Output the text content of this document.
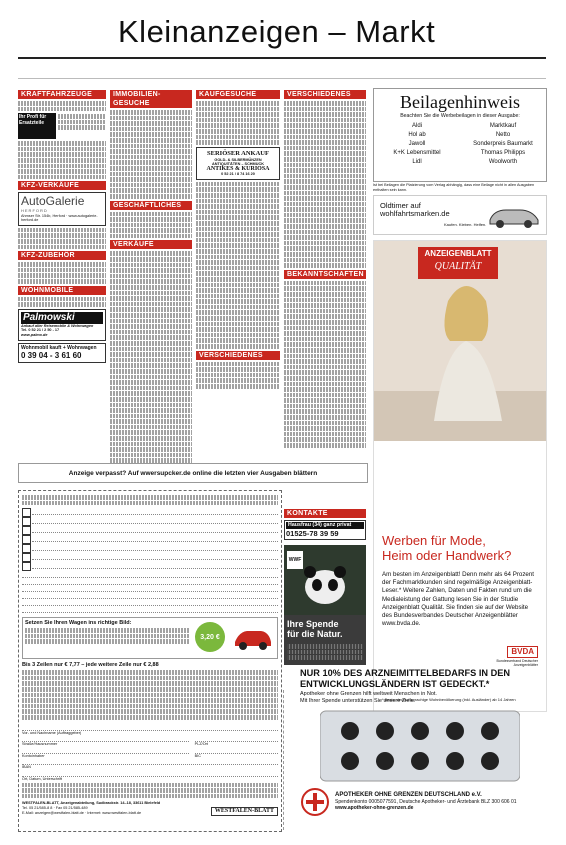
Kleinanzeigen – Markt
KRAFTFAHRZEUGE
Ihr Profi für Ersatzteile
KFZ-VERKÄUFE
AutoGalerie
HERFORD
Ahmser Str. 154b, Herford · www.autogalerie-herford.de
KFZ-ZUBEHÖR
WOHNMOBILE
Palmowski
Ankauf aller Reisemobile & Wohnwagen
Tel. 0 52 21 / 2 50 - 17
www.palmo.de
Wohnmobil kauft + Wohnwagen
0 39 04 - 3 61 60
IMMOBILIEN-GESUCHE
GESCHÄFTLICHES
VERKÄUFE
KAUFGESUCHE
SERIÖSER ANKAUF
GOLD- & SILBERMÜNZEN
ANTIQUITÄTEN – SCHMUCK
ANTIKES & KURIOSA
0 52 21 / 8 74 16 20
VERSCHIEDENES
VERSCHIEDENES
BEKANNTSCHAFTEN
KONTAKTE
Hausfrau (34) ganz privat
01525-78 39 59
WWF
Ihre Spende
für die Natur.
Beilagenhinweis
Beachten Sie die Werbebeilagen in dieser Ausgabe:
Aldi	Marktkauf
Hol ab	Netto
Jawoll	Sonderpreis Baumarkt
K+K Lebensmittel	Thomas Philipps
Lidl	Woolworth
Ist bei Beilagen die Platzierung vom Verlag abhängig, dass eine Beilage nicht in allen Ausgaben enthalten sein kann.
Oldtimer auf
wohlfahrtsmarken.de
Kaufen. Kleben. Helfen.
ANZEIGENBLATT
QUALITÄT
Werben für Mode,
Heim oder Handwerk?
Am besten im Anzeigenblatt! Denn mehr als 64 Prozent der Fachmarktkunden sind regelmäßige Anzeigenblatt-Leser.* Weitere Zahlen, Daten und Fakten rund um die Medialeistung der Gattung lesen Sie in der Studie Anzeigenblatt Qualität. Sie finden sie auf der Website des Bundesverbandes Deutscher Anzeigenblätter www.bvda.de.
BVDA
Bundesverband Deutscher Anzeigenblätter
* Basis: deutschsprachige Wohnbevölkerung (inkl. Ausländer) ab 14 Jahren
Anzeige verpasst? Auf wwersupcker.de online die letzten vier Ausgaben blättern
Setzen Sie Ihren Wagen ins richtige Bild:
3,20 €
Bis 3 Zeilen nur € 7,77 – jede weitere Zeile nur € 2,88
Vor- und Nachname (Auftraggeber)
Straße/Hausnummer	PLZ/Ort
Kontoinhaber	BIC
IBAN
Ort, Datum, Unterschrift
WESTFALEN-BLATT, Anzeigenabteilung, Sudbrackstr. 14–18, 33611 Bielefeld
Tel. 05 21/585-8 8 · Fax 05 21/585-489
E-Mail: anzeigen@westfalen-blatt.de · Internet: www.westfalen-blatt.de	WESTFALEN-BLATT
NUR 10% DES ARZNEIMITTELBEDARFS IN DEN ENTWICKLUNGSLÄNDERN IST GEDECKT.*
Apotheker ohne Grenzen hilft weltweit Menschen in Not.
Mit Ihrer Spende unterstützen Sie unsere Ziele.
APOTHEKER OHNE GRENZEN DEUTSCHLAND e.V.
Spendenkonto 0005077591, Deutsche Apotheker- und Ärztebank BLZ 300 606 01
www.apotheker-ohne-grenzen.de
